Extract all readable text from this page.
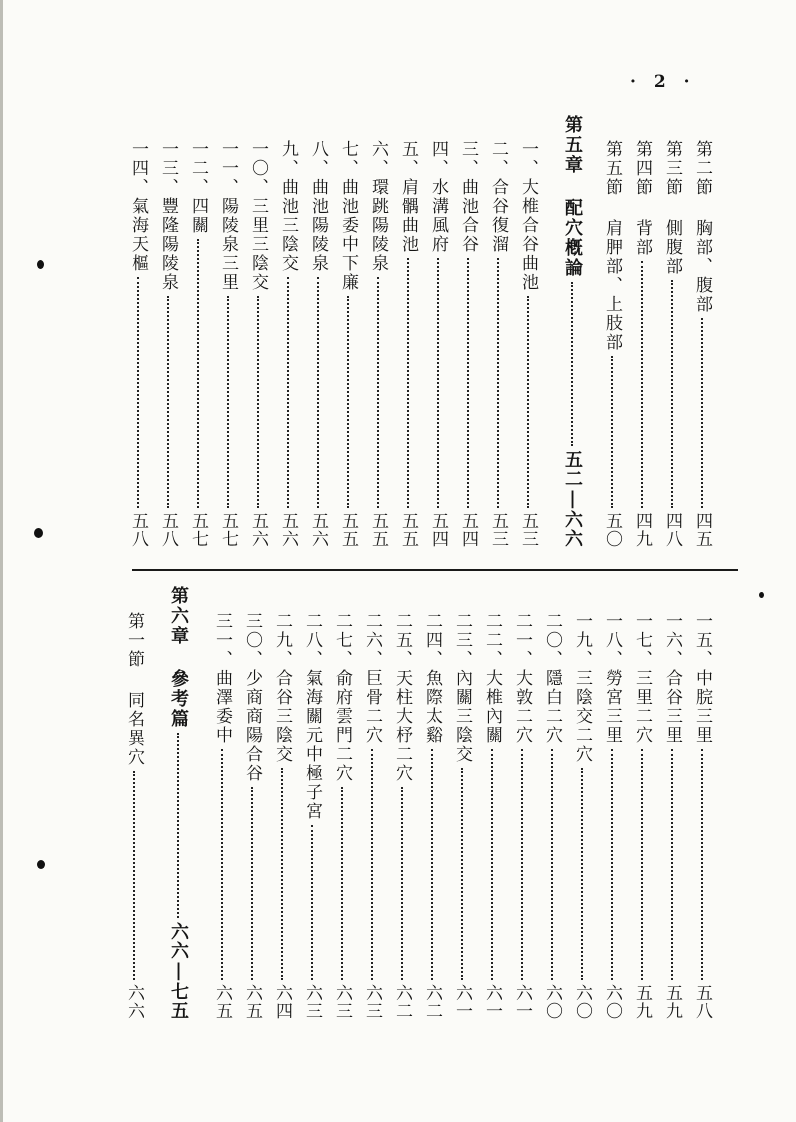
· 2 ·
第二節 胸部、腹部
四五
第三節 側腹部
四八
第四節 背部
四九
第五節 肩胛部、上肢部
五〇
第五章 配穴槪論
五二|六六
一、大椎合谷曲池
五三
二、合谷復溜
五三
三、曲池合谷
五四
四、水溝風府
五四
五、肩髃曲池
五五
六、環跳陽陵泉
五五
七、曲池委中下廉
五五
八、曲池陽陵泉
五六
九、曲池三陰交
五六
一〇、三里三陰交
五六
一一、陽陵泉三里
五七
一二、四關
五七
一三、豐隆陽陵泉
五八
一四、氣海天樞
五八
一五、中脘三里
五八
一六、合谷三里
五九
一七、三里二穴
五九
一八、勞宮三里
六〇
一九、三陰交二穴
六〇
二〇、隱白二穴
六〇
二一、大敦二穴
六一
二二、大椎內關
六一
二三、內關三陰交
六一
二四、魚際太谿
六二
二五、天柱大杼二穴
六二
二六、巨骨二穴
六三
二七、俞府雲門二穴
六三
二八、氣海關元中極子宮
六三
二九、合谷三陰交
六四
三〇、少商商陽合谷
六五
三一、曲澤委中
六五
第六章 參考篇
六六|七五
第一節 同名異穴
六六
